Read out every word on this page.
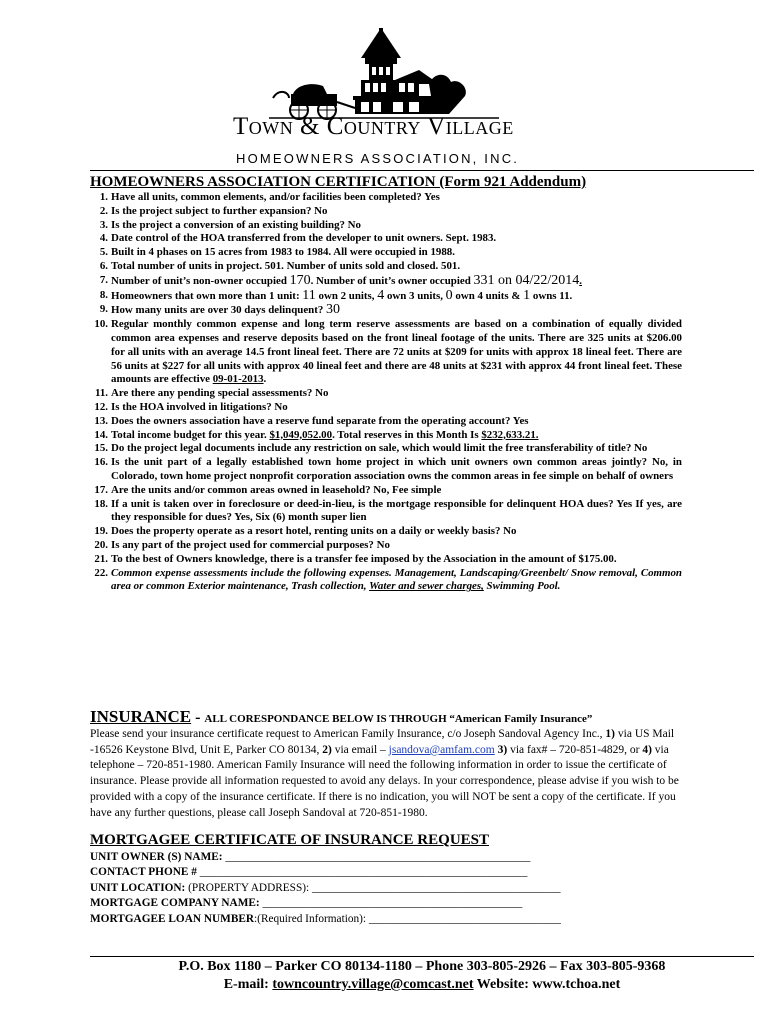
Town & Country Village
HOMEOWNERS ASSOCIATION, INC.
HOMEOWNERS ASSOCIATION CERTIFICATION (Form 921 Addendum)
1. Have all units, common elements, and/or facilities been completed? Yes
2. Is the project subject to further expansion? No
3. Is the project a conversion of an existing building? No
4. Date control of the HOA transferred from the developer to unit owners. Sept. 1983.
5. Built in 4 phases on 15 acres from 1983 to 1984. All were occupied in 1988.
6. Total number of units in project. 501. Number of units sold and closed. 501.
7. Number of unit’s non-owner occupied 170. Number of unit’s owner occupied 331 on 04/22/2014.
8. Homeowners that own more than 1 unit: 11 own 2 units, 4 own 3 units, 0 own 4 units & 1 owns 11.
9. How many units are over 30 days delinquent? 30
10. Regular monthly common expense and long term reserve assessments are based on a combination of equally divided common area expenses and reserve deposits based on the front lineal footage of the units. There are 325 units at $206.00 for all units with an average 14.5 front lineal feet. There are 72 units at $209 for units with approx 18 lineal feet. There are 56 units at $227 for all units with approx 40 lineal feet and there are 48 units at $231 with approx 44 front lineal feet. These amounts are effective 09-01-2013.
11. Are there any pending special assessments? No
12. Is the HOA involved in litigations? No
13. Does the owners association have a reserve fund separate from the operating account? Yes
14. Total income budget for this year. $1,049,052.00. Total reserves in this Month Is $232,633.21.
15. Do the project legal documents include any restriction on sale, which would limit the free transferability of title? No
16. Is the unit part of a legally established town home project in which unit owners own common areas jointly? No, in Colorado, town home project nonprofit corporation association owns the common areas in fee simple on behalf of owners
17. Are the units and/or common areas owned in leasehold? No, Fee simple
18. If a unit is taken over in foreclosure or deed-in-lieu, is the mortgage responsible for delinquent HOA dues? Yes If yes, are they responsible for dues? Yes, Six (6) month super lien
19. Does the property operate as a resort hotel, renting units on a daily or weekly basis? No
20. Is any part of the project used for commercial purposes? No
21. To the best of Owners knowledge, there is a transfer fee imposed by the Association in the amount of $175.00.
22. Common expense assessments include the following expenses. Management, Landscaping/Greenbelt/ Snow removal, Common area or common Exterior maintenance, Trash collection, Water and sewer charges, Swimming Pool.
INSURANCE - ALL CORESPONDANCE BELOW IS THROUGH “American Family Insurance”
Please send your insurance certificate request to American Family Insurance, c/o Joseph Sandoval Agency Inc., 1) via US Mail -16526 Keystone Blvd, Unit E, Parker CO 80134, 2) via email – jsandova@amfam.com 3) via fax# – 720-851-4829, or 4) via telephone – 720-851-1980. American Family Insurance will need the following information in order to issue the certificate of insurance. Please provide all information requested to avoid any delays. In your correspondence, please advise if you wish to be provided with a copy of the insurance certificate. If there is no indication, you will NOT be sent a copy of the certificate. If you have any further questions, please call Joseph Sandoval at 720-851-1980.
MORTGAGEE CERTIFICATE OF INSURANCE REQUEST
UNIT OWNER (S) NAME: ______________________________________________________
CONTACT PHONE # __________________________________________________________
UNIT LOCATION: (PROPERTY ADDRESS): ____________________________________________
MORTGAGE COMPANY NAME: ______________________________________________
MORTGAGEE LOAN NUMBER:(Required Information): __________________________________
P.O. Box 1180 – Parker CO 80134-1180 – Phone 303-805-2926 – Fax 303-805-9368
E-mail: towncountry.village@comcast.net Website: www.tchoa.net
